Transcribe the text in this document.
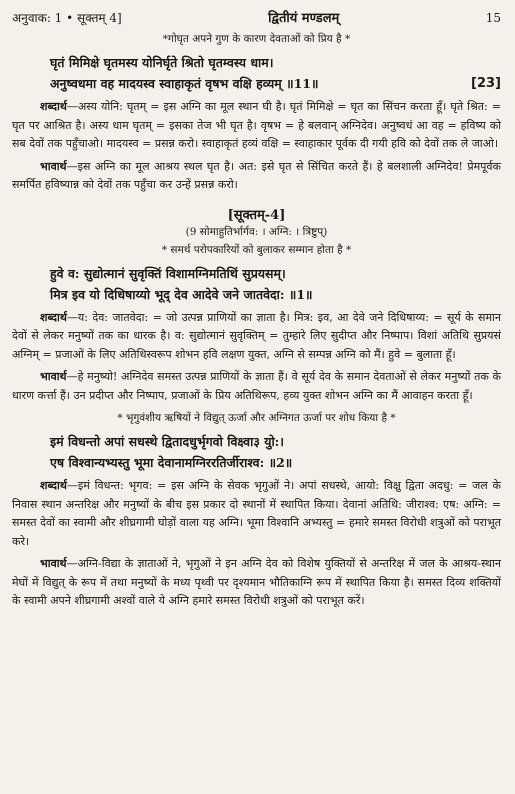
अनुवाक: 1 • सूक्तम् 4]	द्वितीयं मण्डलम्	15
*गोघृत अपने गुण के कारण देवताओं को प्रिय है *
घृतं मिमिक्षे घृतमस्य योनिर्घृते श्रितो घृतम्वस्य धाम।
अनुष्वधमा वह मादयस्व स्वाहाकृतं वृषभ वक्षि हव्यम् ॥11॥	[23]

शब्दार्थ—अस्य योनि: घृतम् = इस अग्नि का मूल स्थान घी है। घृतं मिमिक्षे = घृत का सिंचन करता हूँ। घृते श्रित: = घृत पर आश्रित है। अस्य धाम घृतम् = इसका तेज भी घृत है। वृषभ = हे बलवान् अग्निदेव। अनुष्वधं आ वह = हविष्य को सब देवों तक पहुँचाओ। मादयस्व = प्रसन्न करो। स्वाहाकृतं हव्यं वक्षि = स्वाहाकार पूर्वक दी गयी हवि को देवों तक ले जाओ।

भावार्थ—इस अग्नि का मूल आश्रय स्थल घृत है। अत: इसे घृत से सिंचित करते हैं। हे बलशाली अग्निदेव! प्रेमपूर्वक समर्पित हविष्यान्न को देवों तक पहुँचा कर उन्हें प्रसन्न करो।

[सूक्तम्-4]
(9 सोमाहुतिर्भार्गव: । अग्नि: । त्रिष्टुप्)
* समर्थ परोपकारियों को बुलाकर सम्मान होता है *
हुवे व: सुद्योत्मानं सुवृक्तिं विशामग्निमतिथिं सुप्रयसम्।
मित्र इव यो दिधिषाय्यो भूद् देव आदेवे जने जातवेदा: ॥1॥

शब्दार्थ—य: देव: जातवेदा: = जो उत्पन्न प्राणियों का ज्ञाता है। मित्र: इव, आ देवे जने दिधिषाय्य: = सूर्य के समान देवों से लेकर मनुष्यों तक का धारक है। व: सुद्योत्मानं सुवृक्तिम् = तुम्हारे लिए सुदीप्त और निष्पाप। विशां अतिथि सुप्रयसं अग्निम् = प्रजाओं के लिए अतिथिस्वरूप शोभन हवि लक्षण युक्त, अग्नि से सम्पन्न अग्नि को मैं। हुवे = बुलाता हूँ।

भावार्थ—हे मनुष्यो! अग्निदेव समस्त उत्पन्न प्राणियों के ज्ञाता हैं। वे सूर्य देव के समान देवताओं से लेकर मनुष्यों तक के धारण कर्त्ता हैं। उन प्रदीप्त और निष्पाप, प्रजाओं के प्रिय अतिथिरूप, हव्य युक्त शोभन अग्नि का मैं आवाहन करता हूँ।

* भृगुवंशीय ऋषियों ने विद्युत् ऊर्जा और अग्निगत ऊर्जा पर शोध किया है *
इमं विधन्तो अपां सधस्थे द्वितादधुर्भृगवो विक्ष्वा३ युो:।
एष विश्वान्यभ्यस्तु भूमा देवानामग्निररतिर्जीराश्व: ॥2॥

शब्दार्थ—इमं विधन्त: भृगव: = इस अग्नि के सेवक भृगुओं ने। अपां सधस्थे, आयो: विक्षु द्विता अदधु: = जल के निवास स्थान अन्तरिक्ष और मनुष्यों के बीच इस प्रकार दो स्थानों में स्थापित किया। देवानां अतिथि: जीराश्व: एष: अग्नि: = समस्त देवों का स्वामी और शीघ्रगामी घोड़ों वाला यह अग्नि। भूमा विश्वानि अभ्यस्तु = हमारे समस्त विरोधी शत्रुओं को पराभूत करे।

भावार्थ—अग्नि-विद्या के ज्ञाताओं ने, भृगुओं ने इन अग्नि देव को विशेष युक्तियों से अन्तरिक्ष में जल के आश्रय-स्थान मेघों में विद्युत् के रूप में तथा मनुष्यों के मध्य पृथ्वी पर दृश्यमान भौतिकाग्नि रूप में स्थापित किया है। समस्त दिव्य शक्तियों के स्वामी अपने शीघ्रगामी अश्वों वाले ये अग्नि हमारे समस्त विरोधी शत्रुओं को पराभूत करें।
